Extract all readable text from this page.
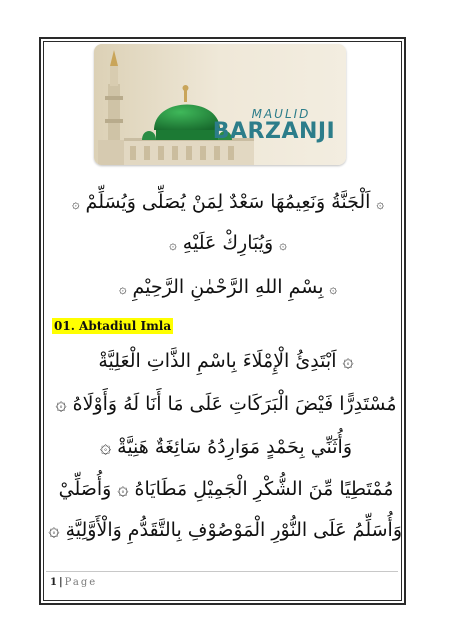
MAULID
BARZANJI
۞اَلْجَنَّةُ وَنَعِيمُهَا سَعْدٌ لِمَنْ يُصَلِّى وَيُسَلِّمْ۞
۞وَيُبَارِكْ عَلَيْهِ۞
۞بِسْمِ اللهِ الرَّحْمٰنِ الرَّحِيْمِ۞
01. Abtadiul Imla
۞ اَبْتَدِئُ الْإِمْلَاءَ بِاسْمِ الذَّاتِ الْعَلِيَّةْ
مُسْتَدِرًّا فَيْضَ الْبَرَكَاتِ عَلَى مَا أَنَا لَهُ وَأَوْلَاهُ ۞
وَأُثَنِّي بِحَمْدٍ مَوَارِدُهُ سَائِغَةٌ هَنِيَّةْ ۞
مُمْتَطِيًا مِّنَ الشُّكْرِ الْجَمِيْلِ مَطَايَاهُ ۞ وَأُصَلِّيْ
وَأُسَلِّمُ عَلَى النُّوْرِ الْمَوْصُوْفِ بِالتَّقَدُّمِ وَالْأَوَّلِيَّةِ ۞
1 | Page
